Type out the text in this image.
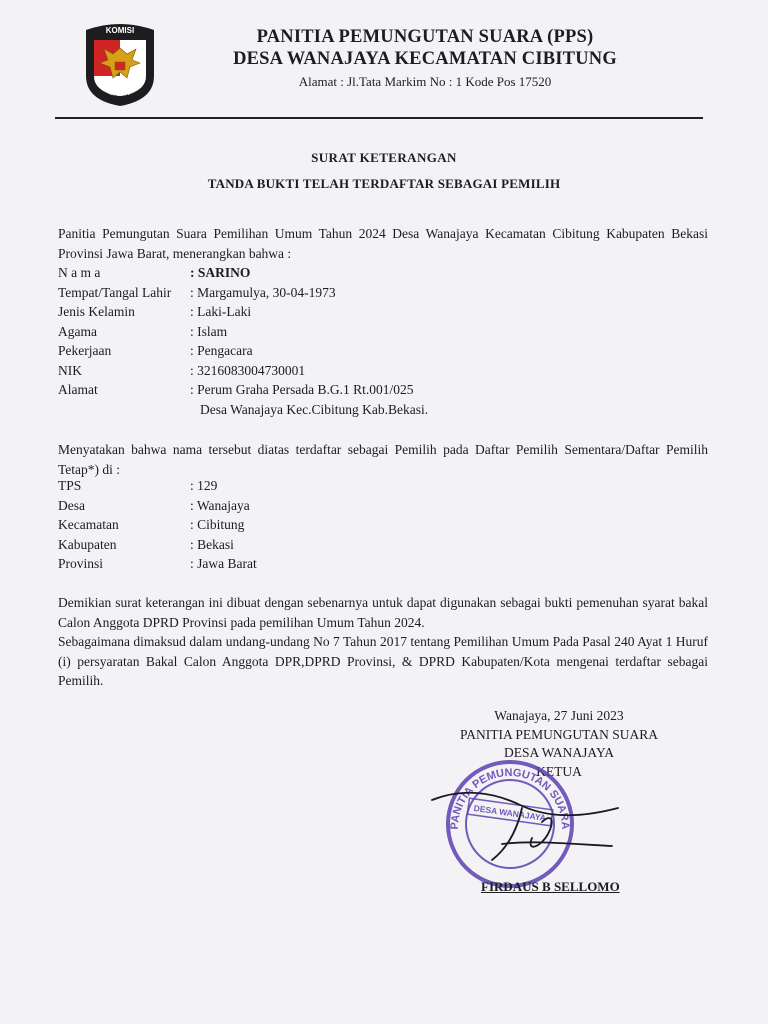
KOMISI
PEMILIHAN UMUM
PANITIA PEMUNGUTAN SUARA (PPS)
DESA WANAJAYA KECAMATAN CIBITUNG
Alamat : Jl.Tata Markim No : 1 Kode Pos 17520
SURAT KETERANGAN
TANDA BUKTI TELAH TERDAFTAR SEBAGAI PEMILIH
Panitia Pemungutan Suara Pemilihan Umum Tahun 2024 Desa Wanajaya Kecamatan Cibitung Kabupaten Bekasi Provinsi Jawa Barat, menerangkan bahwa :
N a m a	: SARINO
Tempat/Tangal Lahir	: Margamulya, 30-04-1973
Jenis Kelamin	: Laki-Laki
Agama	: Islam
Pekerjaan	: Pengacara
NIK	: 3216083004730001
Alamat	: Perum Graha Persada B.G.1 Rt.001/025
Desa Wanajaya Kec.Cibitung Kab.Bekasi.
Menyatakan bahwa nama tersebut diatas terdaftar sebagai Pemilih pada Daftar Pemilih Sementara/Daftar Pemilih Tetap*) di :
TPS	: 129
Desa	: Wanajaya
Kecamatan	: Cibitung
Kabupaten	: Bekasi
Provinsi	: Jawa Barat
Demikian surat keterangan ini dibuat dengan sebenarnya untuk dapat digunakan sebagai bukti pemenuhan syarat bakal Calon Anggota DPRD Provinsi pada pemilihan Umum Tahun 2024.
Sebagaimana dimaksud dalam undang-undang No 7 Tahun 2017 tentang Pemilihan Umum Pada Pasal 240 Ayat 1 Huruf (i) persyaratan Bakal Calon Anggota DPR,DPRD Provinsi, & DPRD Kabupaten/Kota mengenai terdaftar sebagai Pemilih.
Wanajaya, 27 Juni 2023
PANITIA PEMUNGUTAN SUARA
DESA WANAJAYA
KETUA
PANITIA PEMUNGUTAN SUARA
DESA WANAJAYA
FIRDAUS B SELLOMO
